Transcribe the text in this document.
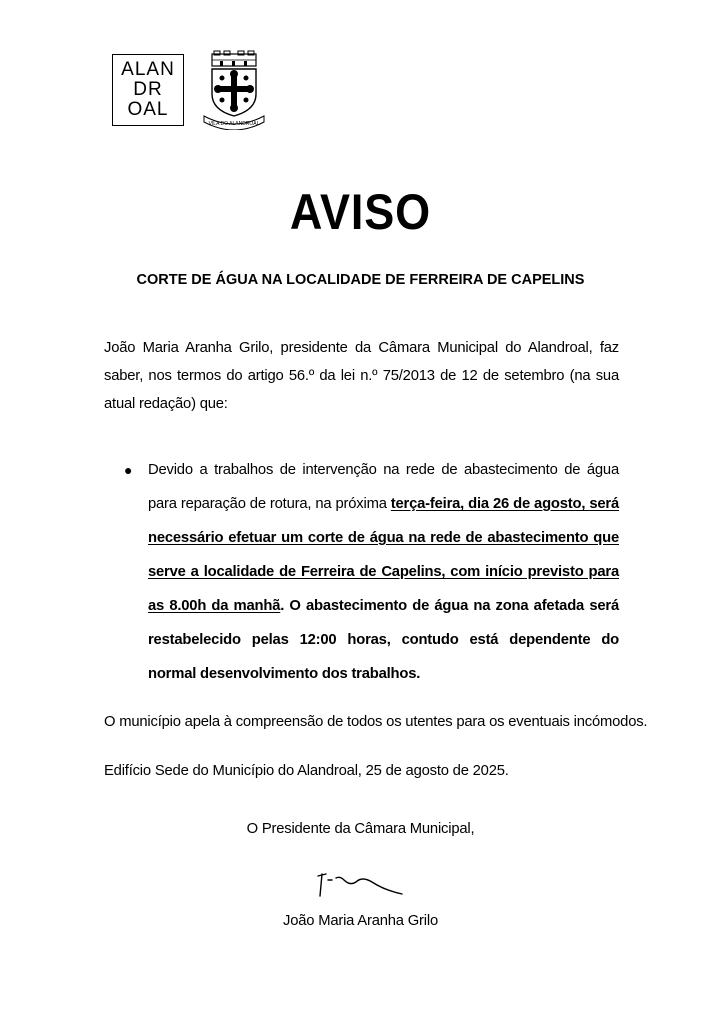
ALAN
DR
OAL
VILA DO ALANDROAL
AVISO
CORTE DE ÁGUA NA LOCALIDADE DE FERREIRA DE CAPELINS
João Maria Aranha Grilo, presidente da Câmara Municipal do Alandroal, faz saber, nos termos do artigo 56.º da lei n.º 75/2013 de 12 de setembro (na sua atual redação) que:
●	Devido a trabalhos de intervenção na rede de abastecimento de água para reparação de rotura, na próxima terça-feira, dia 26 de agosto, será necessário efetuar um corte de água na rede de abastecimento que serve a localidade de Ferreira de Capelins, com início previsto para as 8.00h da manhã. O abastecimento de água na zona afetada será restabelecido pelas 12:00 horas, contudo está dependente do normal desenvolvimento dos trabalhos.
O município apela à compreensão de todos os utentes para os eventuais incómodos.
Edifício Sede do Município do Alandroal, 25 de agosto de 2025.
O Presidente da Câmara Municipal,
João Maria Aranha Grilo
